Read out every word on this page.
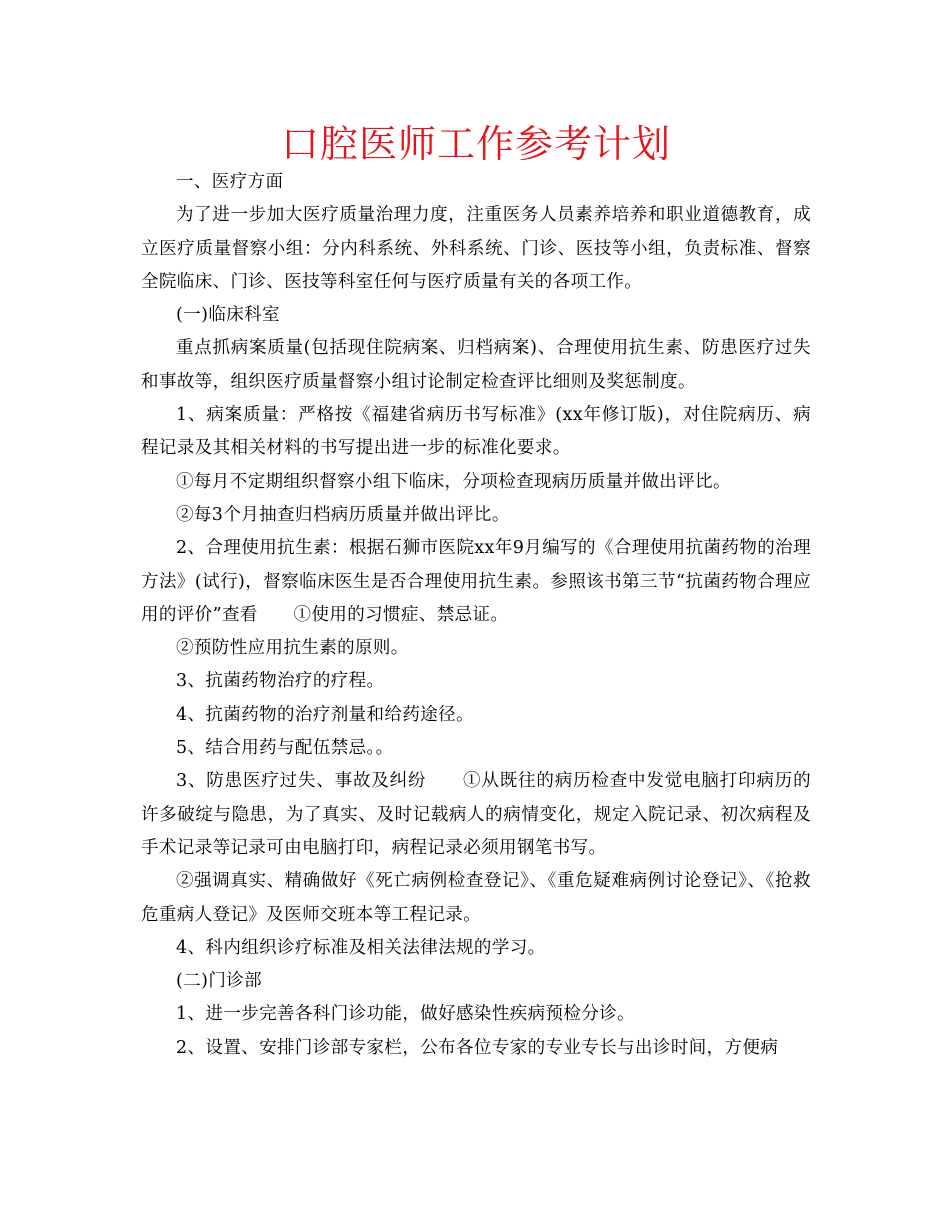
口腔医师工作参考计划

一、医疗方面

为了进一步加大医疗质量治理力度，注重医务人员素养培养和职业道德教育，成立医疗质量督察小组：分内科系统、外科系统、门诊、医技等小组，负责标准、督察全院临床、门诊、医技等科室任何与医疗质量有关的各项工作。

(一)临床科室

重点抓病案质量(包括现住院病案、归档病案)、合理使用抗生素、防患医疗过失和事故等，组织医疗质量督察小组讨论制定检查评比细则及奖惩制度。

1、病案质量：严格按《福建省病历书写标准》(xx年修订版)，对住院病历、病程记录及其相关材料的书写提出进一步的标准化要求。

①每月不定期组织督察小组下临床，分项检查现病历质量并做出评比。

②每3个月抽查归档病历质量并做出评比。

2、合理使用抗生素：根据石狮市医院xx年9月编写的《合理使用抗菌药物的治理方法》(试行)，督察临床医生是否合理使用抗生素。参照该书第三节“抗菌药物合理应用的评价”查看　　①使用的习惯症、禁忌证。

②预防性应用抗生素的原则。

3、抗菌药物治疗的疗程。

4、抗菌药物的治疗剂量和给药途径。

5、结合用药与配伍禁忌。。

3、防患医疗过失、事故及纠纷　　①从既往的病历检查中发觉电脑打印病历的许多破绽与隐患，为了真实、及时记载病人的病情变化，规定入院记录、初次病程及手术记录等记录可由电脑打印，病程记录必须用钢笔书写。

②强调真实、精确做好《死亡病例检查登记》、《重危疑难病例讨论登记》、《抢救危重病人登记》及医师交班本等工程记录。

4、科内组织诊疗标准及相关法律法规的学习。

(二)门诊部

1、进一步完善各科门诊功能，做好感染性疾病预检分诊。

2、设置、安排门诊部专家栏，公布各位专家的专业专长与出诊时间，方便病
